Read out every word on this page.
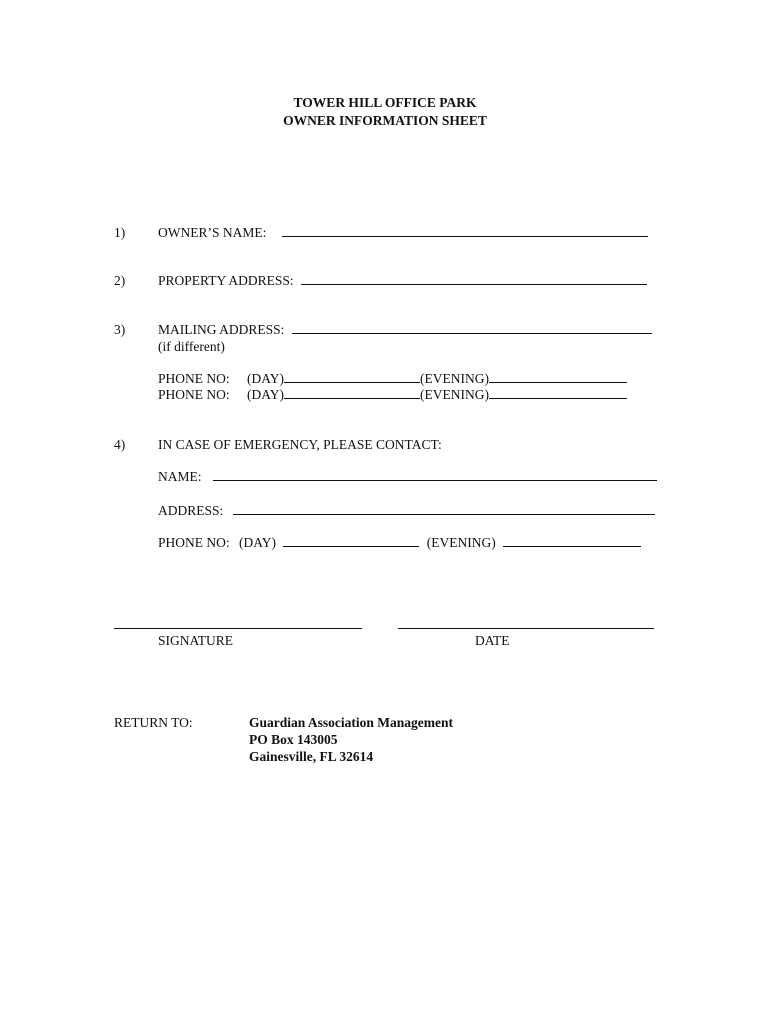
TOWER HILL OFFICE PARK
OWNER INFORMATION SHEET
1) OWNER’S NAME:
2) PROPERTY ADDRESS:
3) MAILING ADDRESS:
(if different)
PHONE NO: (DAY)	(EVENING)
PHONE NO: (DAY)	(EVENING)
4) IN CASE OF EMERGENCY, PLEASE CONTACT:
NAME:
ADDRESS:
PHONE NO: (DAY)	(EVENING)
SIGNATURE	DATE
RETURN TO:	Guardian Association Management
PO Box 143005
Gainesville, FL 32614
